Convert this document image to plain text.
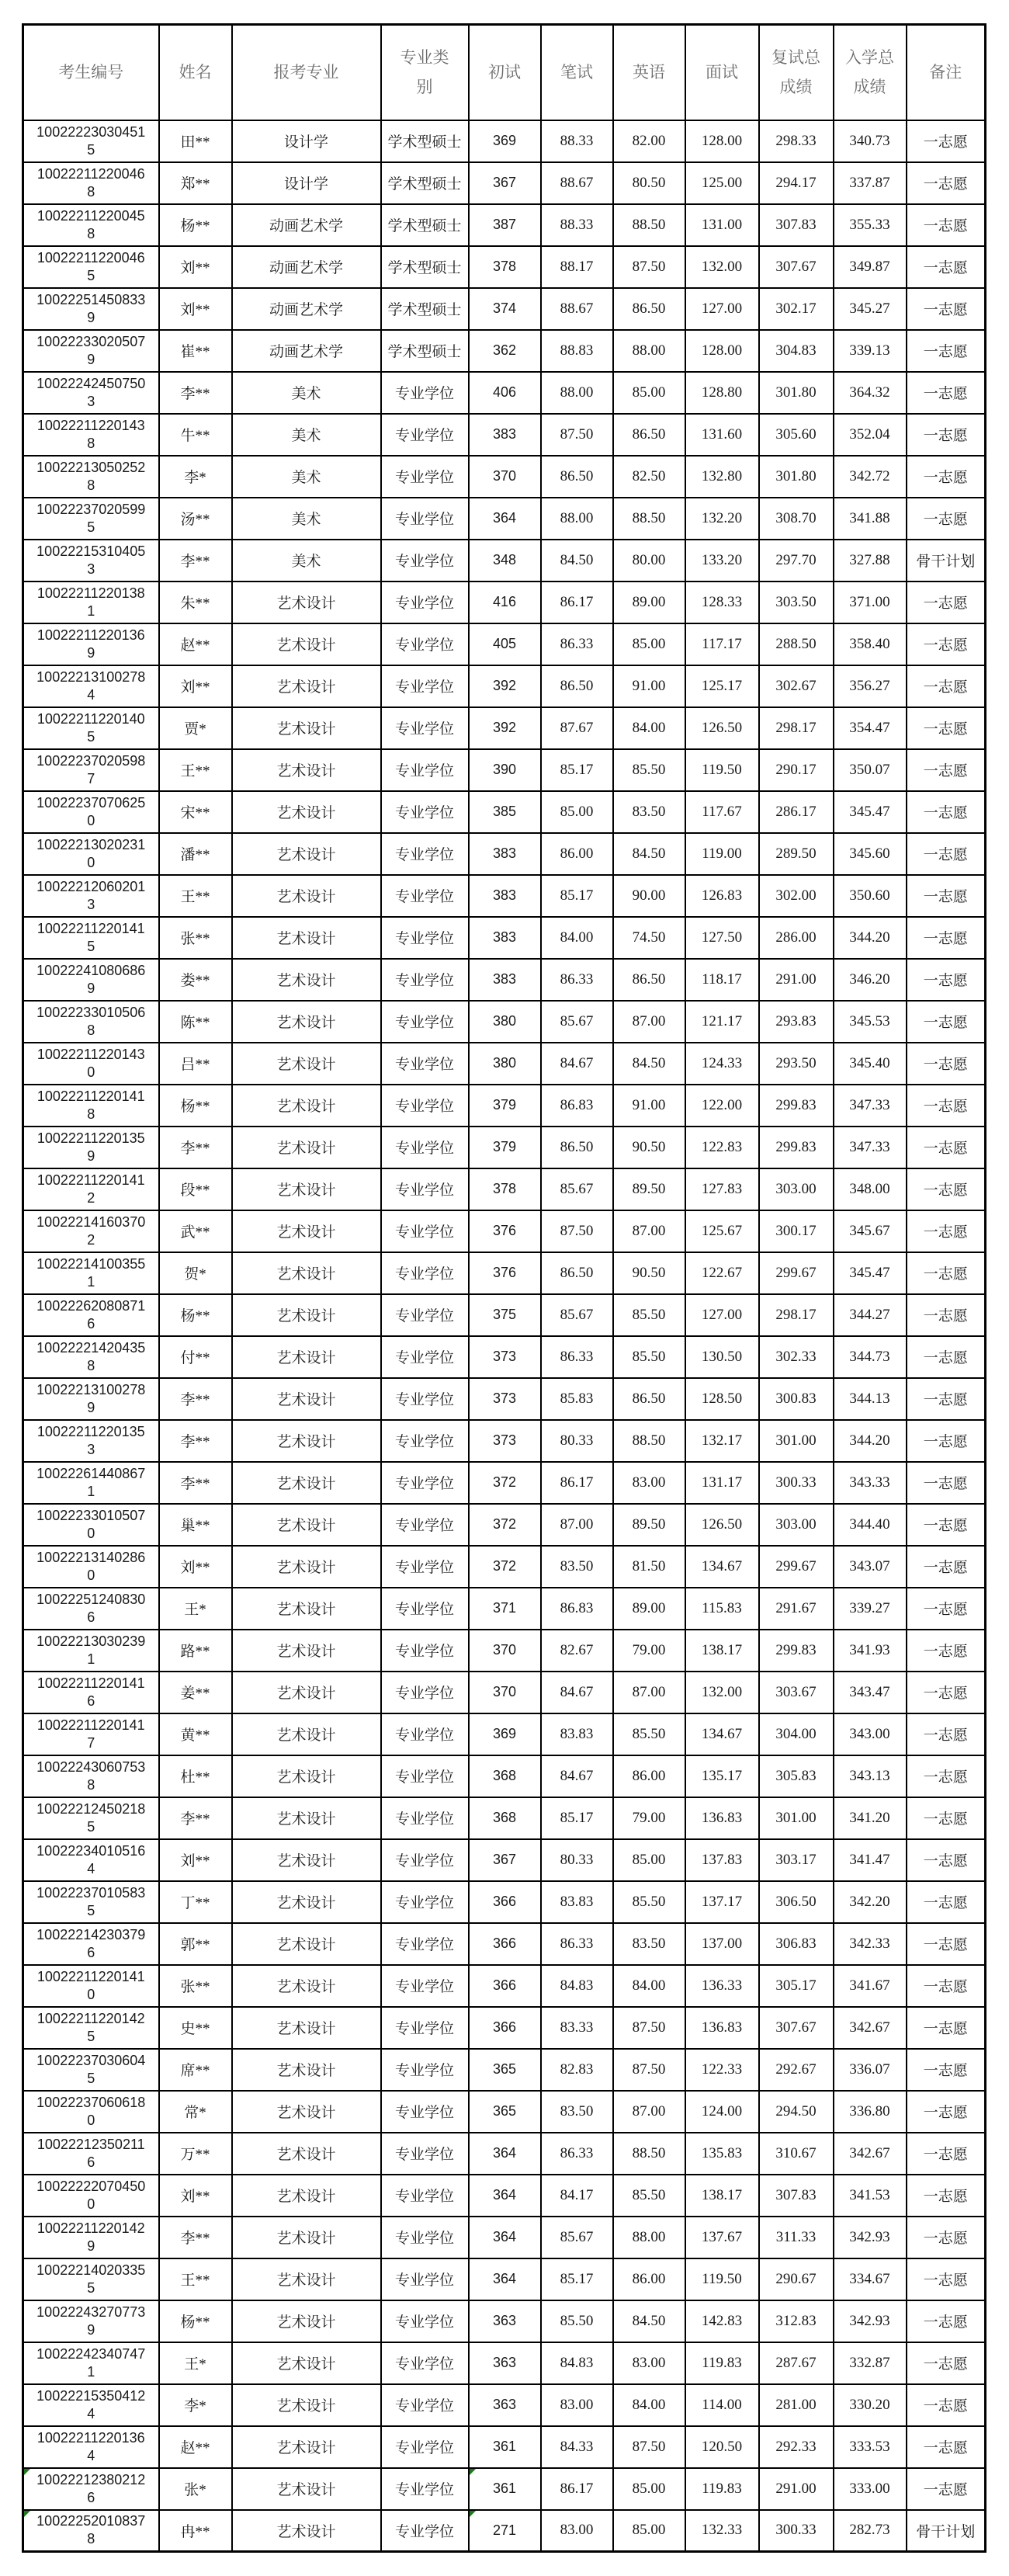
考生编号	姓名	报考专业	专业类别	初试	笔试	英语	面试	复试总成绩	入学总成绩	备注
100222230304515	田**	设计学	学术型硕士	369	88.33	82.00	128.00	298.33	340.73	一志愿
100222112200468	郑**	设计学	学术型硕士	367	88.67	80.50	125.00	294.17	337.87	一志愿
100222112200458	杨**	动画艺术学	学术型硕士	387	88.33	88.50	131.00	307.83	355.33	一志愿
100222112200465	刘**	动画艺术学	学术型硕士	378	88.17	87.50	132.00	307.67	349.87	一志愿
100222514508339	刘**	动画艺术学	学术型硕士	374	88.67	86.50	127.00	302.17	345.27	一志愿
100222330205079	崔**	动画艺术学	学术型硕士	362	88.83	88.00	128.00	304.83	339.13	一志愿
100222424507503	李**	美术	专业学位	406	88.00	85.00	128.80	301.80	364.32	一志愿
100222112201438	牛**	美术	专业学位	383	87.50	86.50	131.60	305.60	352.04	一志愿
100222130502528	李*	美术	专业学位	370	86.50	82.50	132.80	301.80	342.72	一志愿
100222370205995	汤**	美术	专业学位	364	88.00	88.50	132.20	308.70	341.88	一志愿
100222153104053	李**	美术	专业学位	348	84.50	80.00	133.20	297.70	327.88	骨干计划
100222112201381	朱**	艺术设计	专业学位	416	86.17	89.00	128.33	303.50	371.00	一志愿
100222112201369	赵**	艺术设计	专业学位	405	86.33	85.00	117.17	288.50	358.40	一志愿
100222131002784	刘**	艺术设计	专业学位	392	86.50	91.00	125.17	302.67	356.27	一志愿
100222112201405	贾*	艺术设计	专业学位	392	87.67	84.00	126.50	298.17	354.47	一志愿
100222370205987	王**	艺术设计	专业学位	390	85.17	85.50	119.50	290.17	350.07	一志愿
100222370706250	宋**	艺术设计	专业学位	385	85.00	83.50	117.67	286.17	345.47	一志愿
100222130202310	潘**	艺术设计	专业学位	383	86.00	84.50	119.00	289.50	345.60	一志愿
100222120602013	王**	艺术设计	专业学位	383	85.17	90.00	126.83	302.00	350.60	一志愿
100222112201415	张**	艺术设计	专业学位	383	84.00	74.50	127.50	286.00	344.20	一志愿
100222410806869	娄**	艺术设计	专业学位	383	86.33	86.50	118.17	291.00	346.20	一志愿
100222330105068	陈**	艺术设计	专业学位	380	85.67	87.00	121.17	293.83	345.53	一志愿
100222112201430	吕**	艺术设计	专业学位	380	84.67	84.50	124.33	293.50	345.40	一志愿
100222112201418	杨**	艺术设计	专业学位	379	86.83	91.00	122.00	299.83	347.33	一志愿
100222112201359	李**	艺术设计	专业学位	379	86.50	90.50	122.83	299.83	347.33	一志愿
100222112201412	段**	艺术设计	专业学位	378	85.67	89.50	127.83	303.00	348.00	一志愿
100222141603702	武**	艺术设计	专业学位	376	87.50	87.00	125.67	300.17	345.67	一志愿
100222141003551	贺*	艺术设计	专业学位	376	86.50	90.50	122.67	299.67	345.47	一志愿
100222620808716	杨**	艺术设计	专业学位	375	85.67	85.50	127.00	298.17	344.27	一志愿
100222214204358	付**	艺术设计	专业学位	373	86.33	85.50	130.50	302.33	344.73	一志愿
100222131002789	李**	艺术设计	专业学位	373	85.83	86.50	128.50	300.83	344.13	一志愿
100222112201353	李**	艺术设计	专业学位	373	80.33	88.50	132.17	301.00	344.20	一志愿
100222614408671	李**	艺术设计	专业学位	372	86.17	83.00	131.17	300.33	343.33	一志愿
100222330105070	巢**	艺术设计	专业学位	372	87.00	89.50	126.50	303.00	344.40	一志愿
100222131402860	刘**	艺术设计	专业学位	372	83.50	81.50	134.67	299.67	343.07	一志愿
100222512408306	王*	艺术设计	专业学位	371	86.83	89.00	115.83	291.67	339.27	一志愿
100222130302391	路**	艺术设计	专业学位	370	82.67	79.00	138.17	299.83	341.93	一志愿
100222112201416	姜**	艺术设计	专业学位	370	84.67	87.00	132.00	303.67	343.47	一志愿
100222112201417	黄**	艺术设计	专业学位	369	83.83	85.50	134.67	304.00	343.00	一志愿
100222430607538	杜**	艺术设计	专业学位	368	84.67	86.00	135.17	305.83	343.13	一志愿
100222124502185	李**	艺术设计	专业学位	368	85.17	79.00	136.83	301.00	341.20	一志愿
100222340105164	刘**	艺术设计	专业学位	367	80.33	85.00	137.83	303.17	341.47	一志愿
100222370105835	丁**	艺术设计	专业学位	366	83.83	85.50	137.17	306.50	342.20	一志愿
100222142303796	郭**	艺术设计	专业学位	366	86.33	83.50	137.00	306.83	342.33	一志愿
100222112201410	张**	艺术设计	专业学位	366	84.83	84.00	136.33	305.17	341.67	一志愿
100222112201425	史**	艺术设计	专业学位	366	83.33	87.50	136.83	307.67	342.67	一志愿
100222370306045	席**	艺术设计	专业学位	365	82.83	87.50	122.33	292.67	336.07	一志愿
100222370606180	常*	艺术设计	专业学位	365	83.50	87.00	124.00	294.50	336.80	一志愿
100222123502116	万**	艺术设计	专业学位	364	86.33	88.50	135.83	310.67	342.67	一志愿
100222220704500	刘**	艺术设计	专业学位	364	84.17	85.50	138.17	307.83	341.53	一志愿
100222112201429	李**	艺术设计	专业学位	364	85.67	88.00	137.67	311.33	342.93	一志愿
100222140203355	王**	艺术设计	专业学位	364	85.17	86.00	119.50	290.67	334.67	一志愿
100222432707739	杨**	艺术设计	专业学位	363	85.50	84.50	142.83	312.83	342.93	一志愿
100222423407471	王*	艺术设计	专业学位	363	84.83	83.00	119.83	287.67	332.87	一志愿
100222153504124	李*	艺术设计	专业学位	363	83.00	84.00	114.00	281.00	330.20	一志愿
100222112201364	赵**	艺术设计	专业学位	361	84.33	87.50	120.50	292.33	333.53	一志愿

100222123802126	张*	艺术设计	专业学位	361	86.17	85.00	119.83	291.00	333.00	一志愿

100222520108378	冉**	艺术设计	专业学位	271	83.00	85.00	132.33	300.33	282.73	骨干计划
